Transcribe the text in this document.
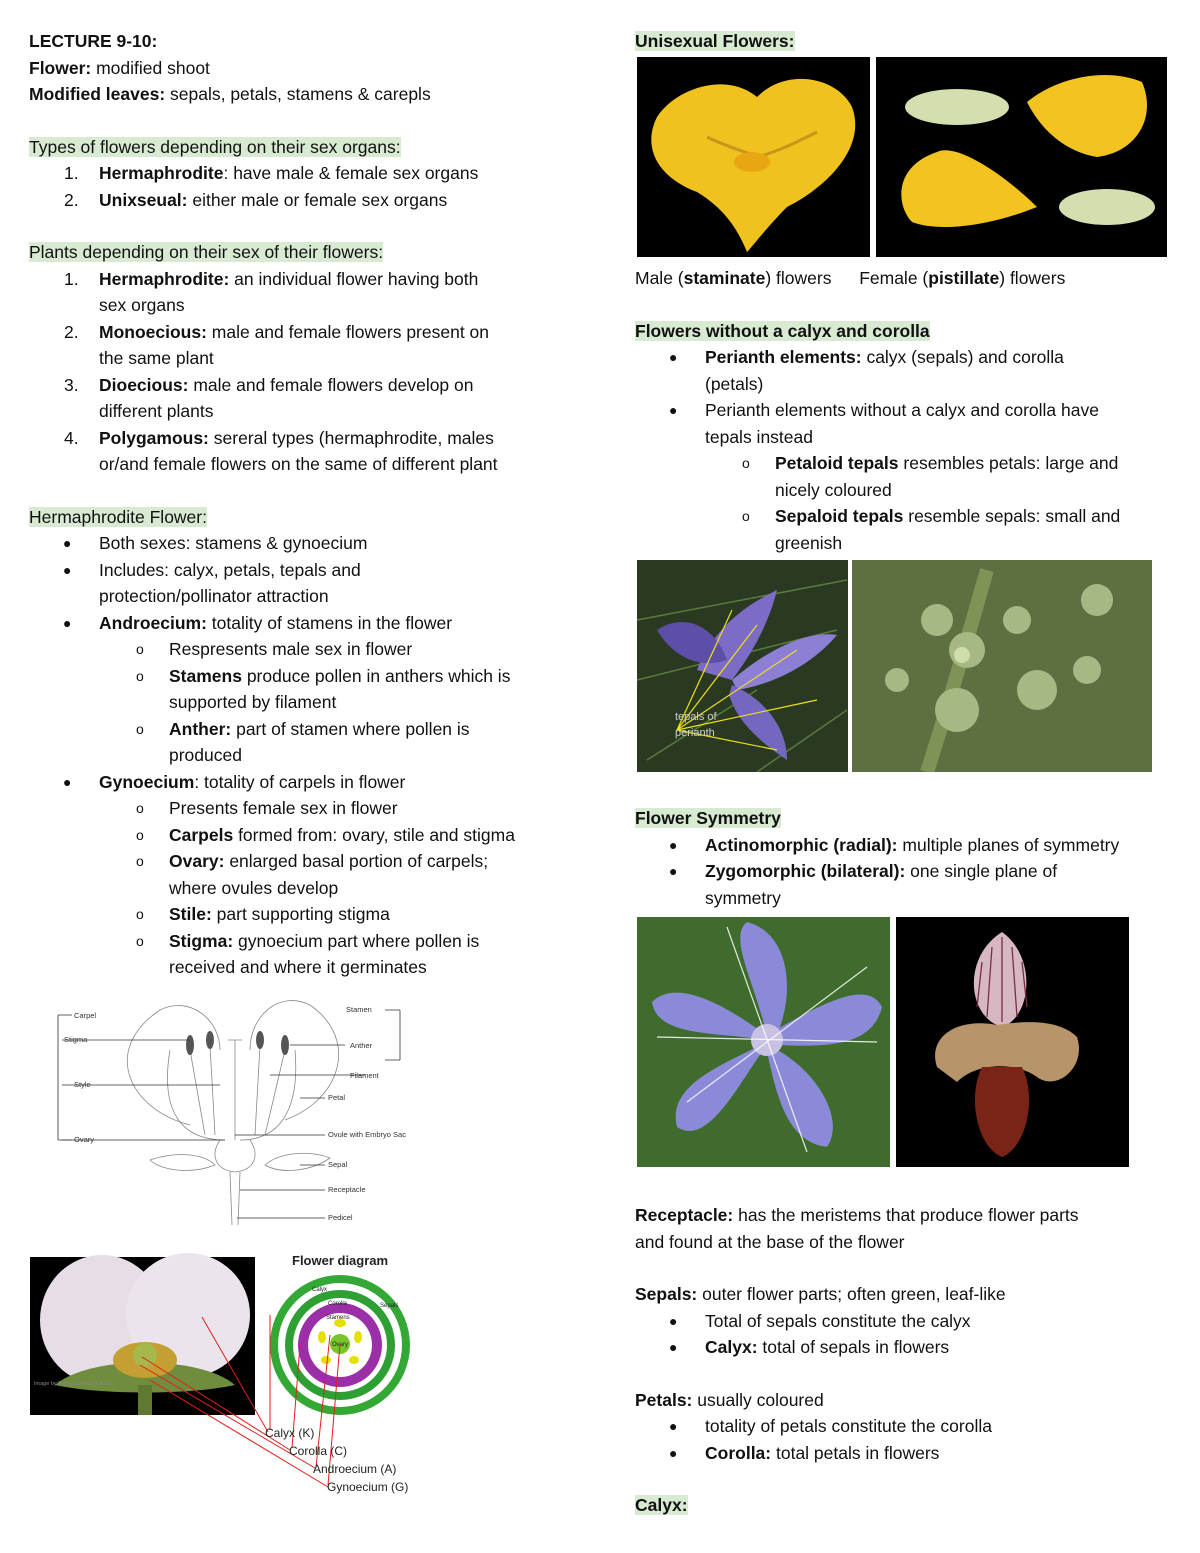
LECTURE 9-10:
Flower: modified shoot
Modified leaves: sepals, petals, stamens & carepls
Types of flowers depending on their sex organs:
1. Hermaphrodite: have male & female sex organs
2. Unixseual: either male or female sex organs
Plants depending on their sex of their flowers:
1. Hermaphrodite: an individual flower having both
sex organs
2. Monoecious: male and female flowers present on
the same plant
3. Dioecious: male and female flowers develop on
different plants
4. Polygamous: sereral types (hermaphrodite, males
or/and female flowers on the same of different plant
Hermaphrodite Flower:
● Both sexes: stamens & gynoecium
● Includes: calyx, petals, tepals and
protection/pollinator attraction
● Androecium: totality of stamens in the flower
o Respresents male sex in flower
o Stamens produce pollen in anthers which is
supported by filament
o Anther: part of stamen where pollen is
produced
● Gynoecium: totality of carpels in flower
o Presents female sex in flower
o Carpels formed from: ovary, stile and stigma
o Ovary: enlarged basal portion of carpels;
where ovules develop
o Stile: part supporting stigma
o Stigma: gynoecium part where pollen is
received and where it germinates
Carpel
Stigma
Style
Ovary
Stamen
Anther
Filament
Petal
Ovule with Embryo Sac
Sepal
Receptacle
Pedicel
Image by Rebecca Beanie & Cox
Flower diagram
Calyx
Corolla
Stamens
Ovary
Sepals
Calyx (K)
Corolla (C)
Androecium (A)
Gynoecium (G)
Unisexual Flowers:
Male (staminate) flowers Female (pistillate) flowers
Flowers without a calyx and corolla
● Perianth elements: calyx (sepals) and corolla
(petals)
● Perianth elements without a calyx and corolla have
tepals instead
o Petaloid tepals resembles petals: large and
nicely coloured
o Sepaloid tepals resemble sepals: small and
greenish
tepals of
perianth
Flower Symmetry
● Actinomorphic (radial): multiple planes of symmetry
● Zygomorphic (bilateral): one single plane of
symmetry
Receptacle: has the meristems that produce flower parts
and found at the base of the flower
Sepals: outer flower parts; often green, leaf-like
● Total of sepals constitute the calyx
● Calyx: total of sepals in flowers
Petals: usually coloured
● totality of petals constitute the corolla
● Corolla: total petals in flowers
Calyx:
